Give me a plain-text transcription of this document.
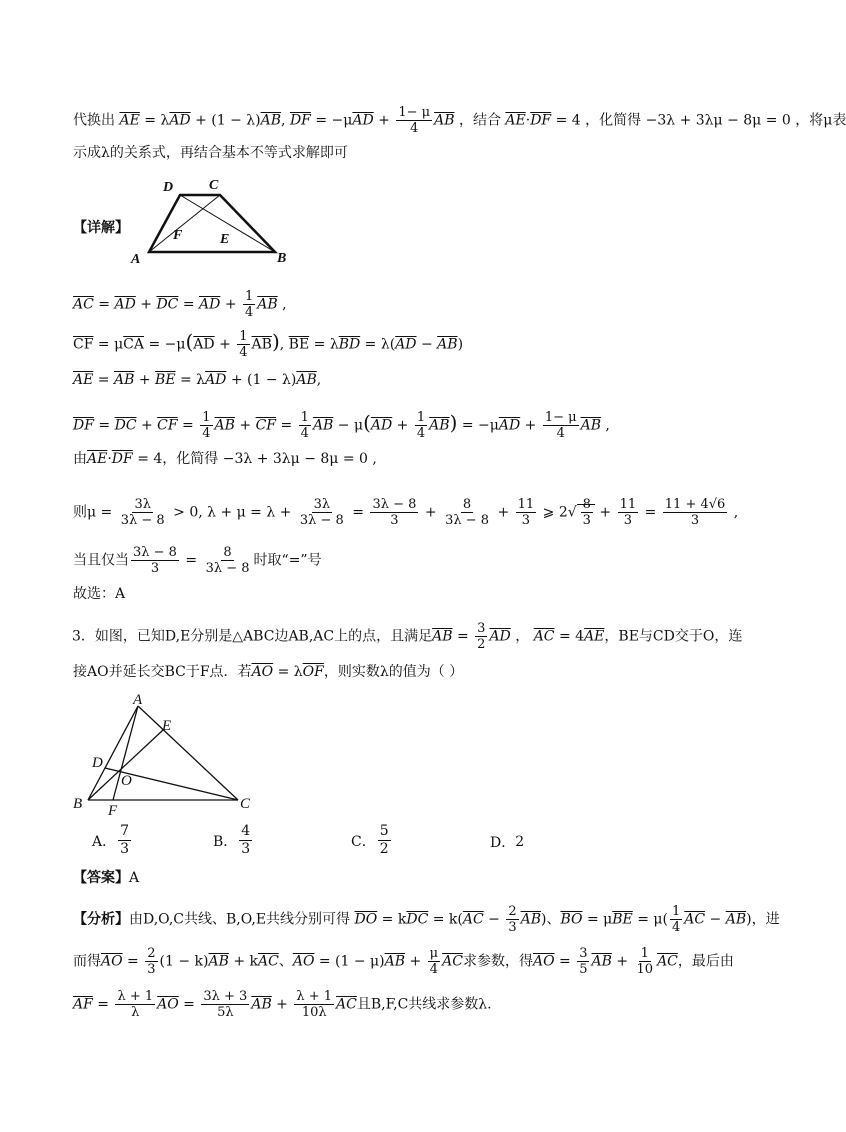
代换出 $\overline{AE} = \lambda\overline{AD} + (1 - \lambda)\overline{AB}$, $\overline{DF} = -\mu\overline{AD} + \frac{1- \mu}{4} \overline{AB}$ ，结合 $\overline{AE}\cdot\overline{DF} = 4$ ，化简得 −3λ + 3λμ − 8μ = 0 ，将μ表
示成λ的关系式，再结合基本不等式求解即可
D	C
A	B
F	E
【详解】
$\overline{AC} = \overline{AD} + \overline{DC} = \overline{AD} + \frac{1}{4} \overline{AB}$ ,
$\overline{CF} = \mu\overline{CA} = -\mu(\overline{AD} + \frac{1}{4} \overline{AB})$, $\overline{BE} = \lambda\overline{BD} = \lambda(\overline{AD} - \overline{AB})$
$\overline{AE} = \overline{AB} + \overline{BE} = \lambda\overline{AD} + (1 - \lambda)\overline{AB}$,
$\overline{DF} = \overline{DC} + \overline{CF} = \frac{1}{4} \overline{AB} + \overline{CF} = \frac{1}{4} \overline{AB} - \mu(\overline{AD} + \frac{1}{4} \overline{AB}) = -\mu\overline{AD} + \frac{1- \mu}{4} \overline{AB}$ ,
由$\overline{AE}\cdot\overline{DF} = 4$，化简得 −3λ + 3λμ − 8μ = 0 ,
则$\mu = \frac{3\lambda}{3\lambda - 8} > 0$, $\lambda + \mu = \lambda + \frac{3\lambda}{3\lambda - 8} = \frac{3\lambda - 8}{3} + \frac{8}{3\lambda - 8} + \frac{11}{3}$ ⩾ $2√ \frac{8}{3} + \frac{11}{3} = \frac{11 + 4√6}{3}$ ,
当且仅当 $\frac{3\lambda - 8}{3} = \frac{8}{3\lambda - 8}$ 时取“=”号
故选：A
3．如图，已知D,E分别是△ABC边AB,AC上的点，且满足$\overline{AB} = \frac{3}{2} \overline{AD}$ ， $\overline{AC} = 4\overline{AE}$，BE与CD交于O，连
接AO并延长交BC于F点．若$\overline{AO} = \lambda\overline{OF}$，则实数λ的值为（ ）
A
E
D
O
B F	C
A． $\frac{7}{3}$	B． $\frac{4}{3}$	C． $\frac{5}{2}$	D． 2
【答案】A
【分析】由D,O,C共线、B,O,E共线分别可得 $\overline{DO} = k\overline{DC} = k(\overline{AC} - \frac{2}{3} \overline{AB})$、$\overline{BO} = \mu\overline{BE} = \mu( \frac{1}{4} \overline{AC} - \overline{AB})$，进
而得$\overline{AO} = \frac{2}{3} (1 - k)\overline{AB} + k\overline{AC}$、$\overline{AO} = (1 - \mu)\overline{AB} + \frac{\mu}{4} \overline{AC}$求参数，得$\overline{AO} = \frac{3}{5} \overline{AB} + \frac{1}{10} \overline{AC}$，最后由
$\overline{AF} = \frac{\lambda + 1}{\lambda} \overline{AO} = \frac{3\lambda + 3}{5\lambda} \overline{AB} + \frac{\lambda + 1}{10\lambda} \overline{AC}$且B,F,C共线求参数λ.
